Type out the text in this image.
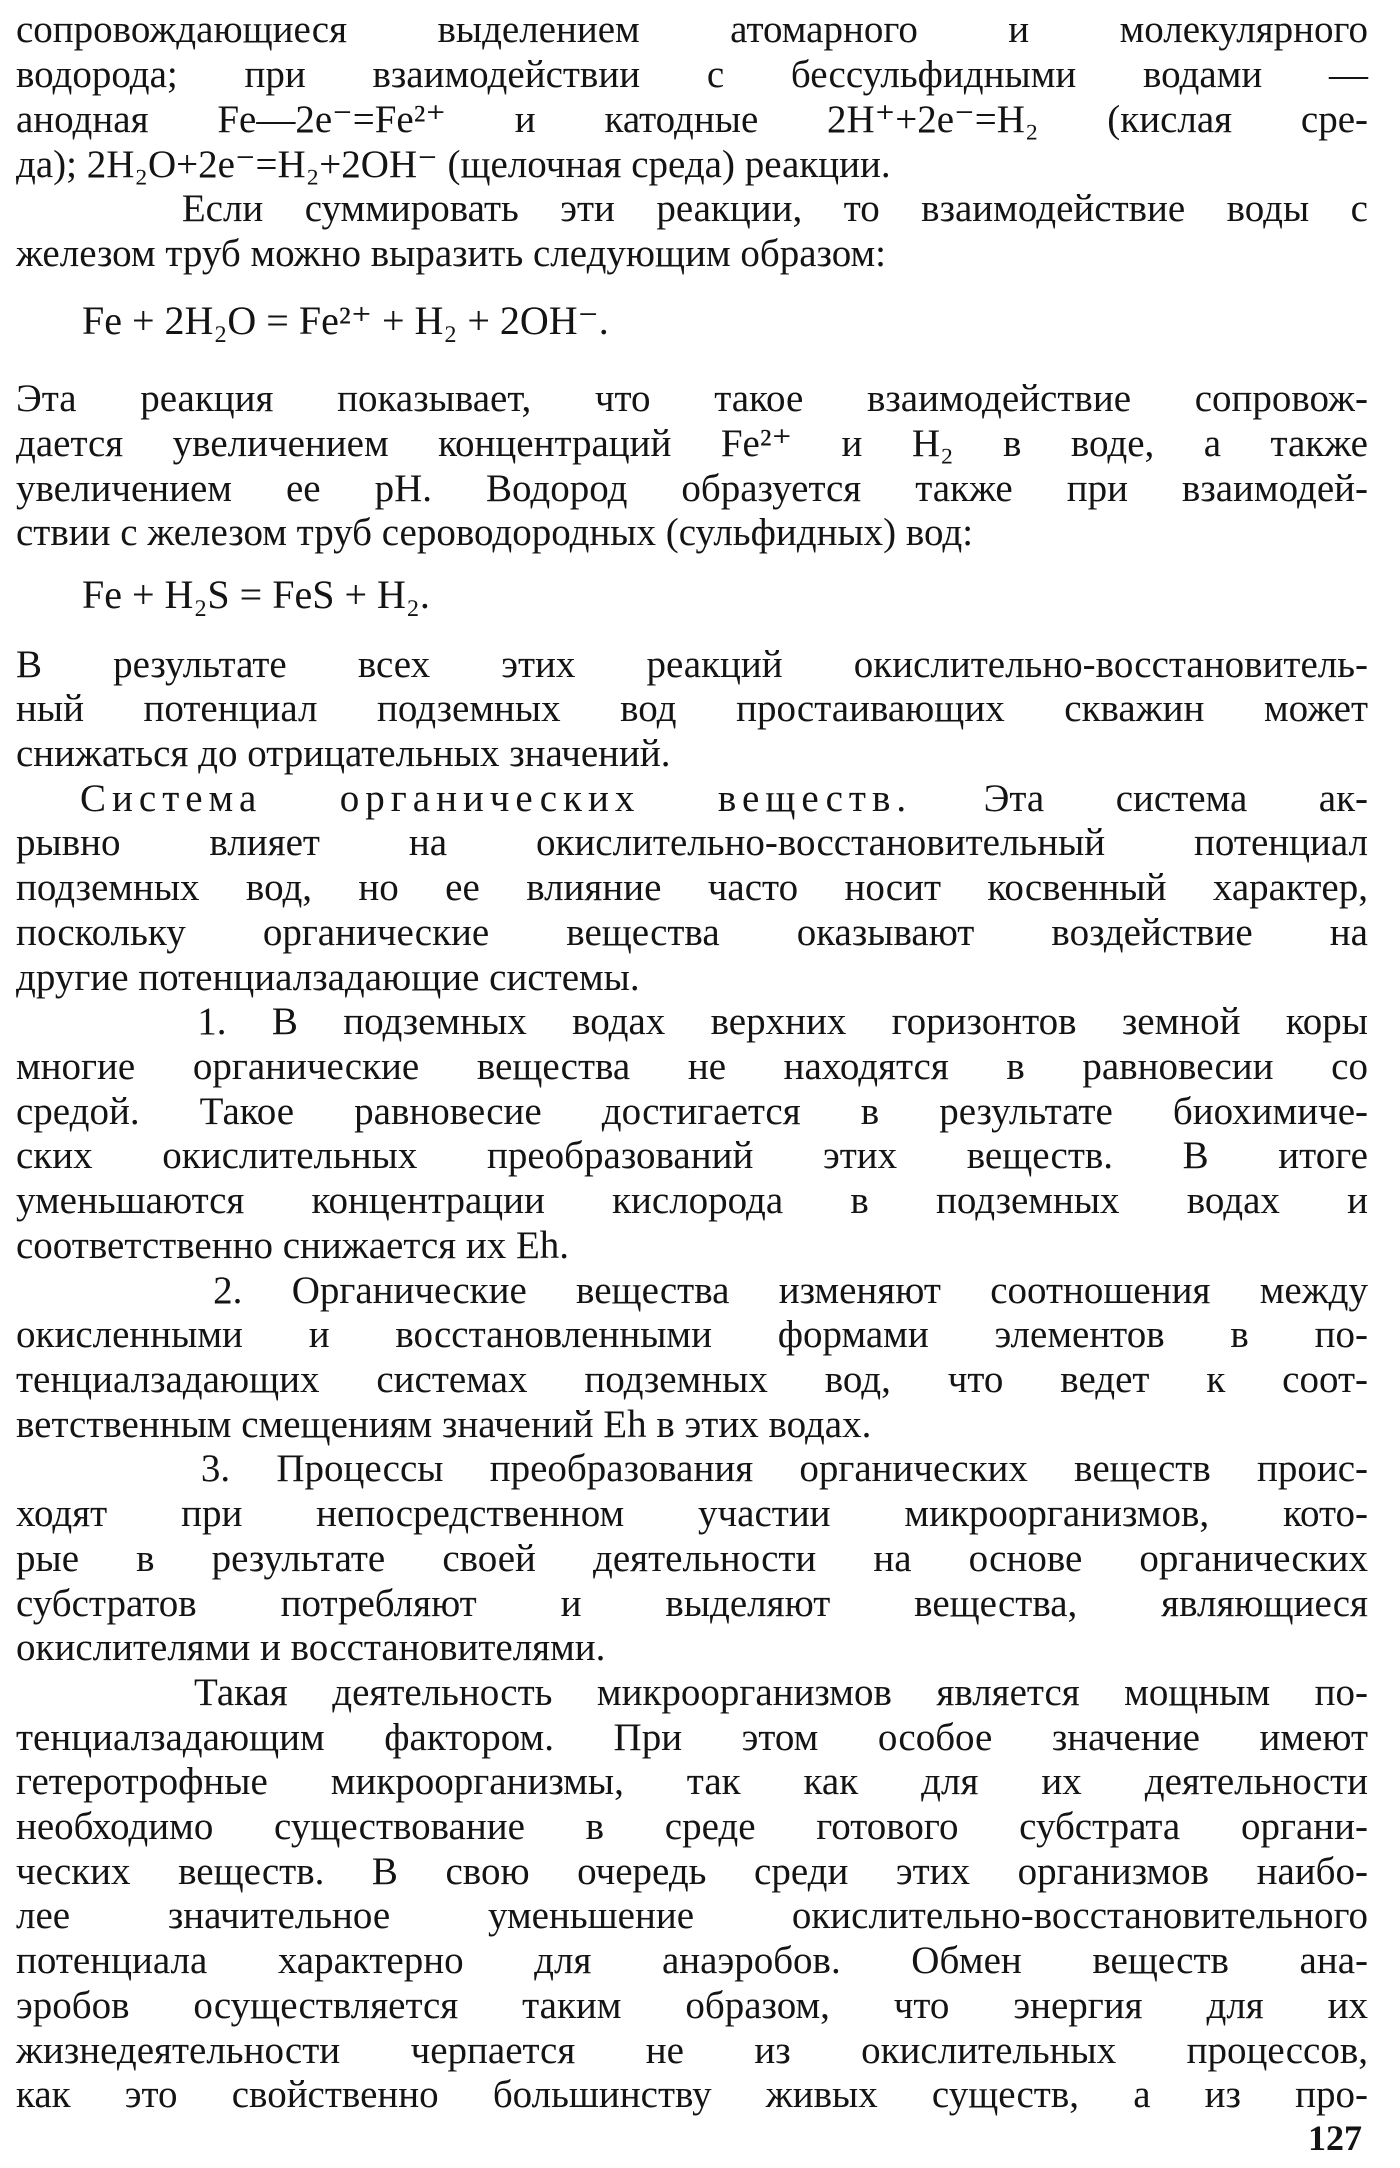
сопровождающиеся выделением атомарного и молекулярного
водорода; при взаимодействии с бессульфидными водами —
анодная Fe—2e⁻=Fe²⁺ и катодные 2H⁺+2e⁻=H₂ (кислая сре-
да); 2H₂O+2e⁻=H₂+2OH⁻ (щелочная среда) реакции.
Если суммировать эти реакции, то взаимодействие воды с
железом труб можно выразить следующим образом:
Fe + 2H₂O = Fe²⁺ + H₂ + 2OH⁻.
Эта реакция показывает, что такое взаимодействие сопровож-
дается увеличением концентраций Fe²⁺ и H₂ в воде, а также
увеличением ее pH. Водород образуется также при взаимодей-
ствии с железом труб сероводородных (сульфидных) вод:
Fe + H₂S = FeS + H₂.
В результате всех этих реакций окислительно-восстановитель-
ный потенциал подземных вод простаивающих скважин может
снижаться до отрицательных значений.
Система органических веществ. Эта система ак-
рывно влияет на окислительно-восстановительный потенциал
подземных вод, но ее влияние часто носит косвенный характер,
поскольку органические вещества оказывают воздействие на
другие потенциалзадающие системы.
1. В подземных водах верхних горизонтов земной коры
многие органические вещества не находятся в равновесии со
средой. Такое равновесие достигается в результате биохимиче-
ских окислительных преобразований этих веществ. В итоге
уменьшаются концентрации кислорода в подземных водах и
соответственно снижается их Eh.
2. Органические вещества изменяют соотношения между
окисленными и восстановленными формами элементов в по-
тенциалзадающих системах подземных вод, что ведет к соот-
ветственным смещениям значений Eh в этих водах.
3. Процессы преобразования органических веществ проис-
ходят при непосредственном участии микроорганизмов, кото-
рые в результате своей деятельности на основе органических
субстратов потребляют и выделяют вещества, являющиеся
окислителями и восстановителями.
Такая деятельность микроорганизмов является мощным по-
тенциалзадающим фактором. При этом особое значение имеют
гетеротрофные микроорганизмы, так как для их деятельности
необходимо существование в среде готового субстрата органи-
ческих веществ. В свою очередь среди этих организмов наибо-
лее значительное уменьшение окислительно-восстановительного
потенциала характерно для анаэробов. Обмен веществ ана-
эробов осуществляется таким образом, что энергия для их
жизнедеятельности черпается не из окислительных процессов,
как это свойственно большинству живых существ, а из про-
127
